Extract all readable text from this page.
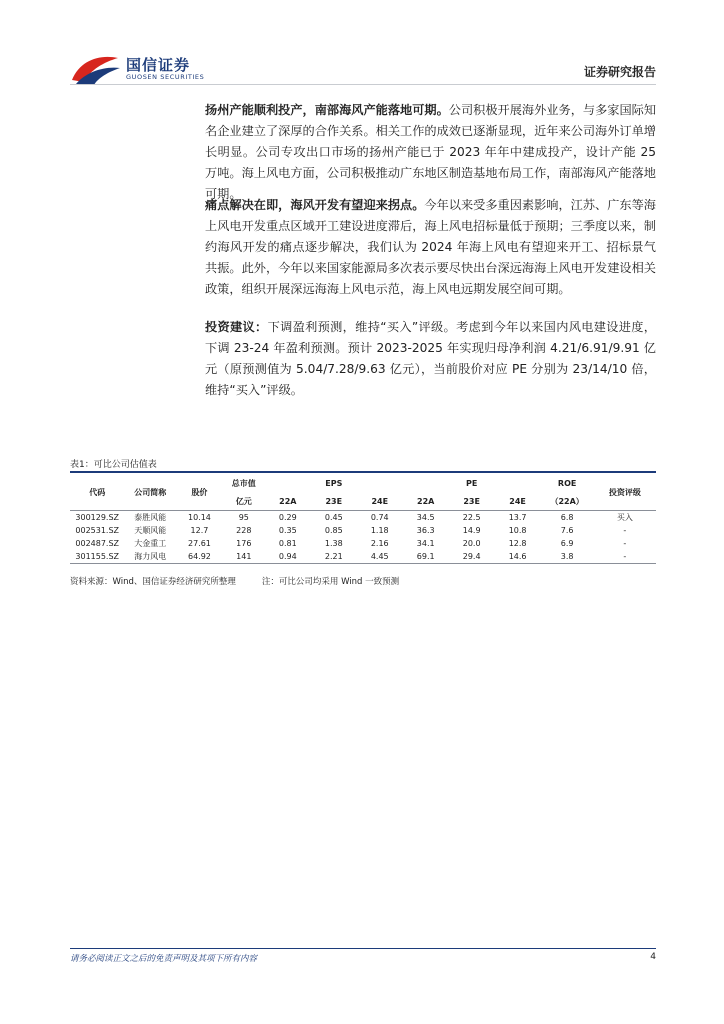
国信证券
GUOSEN SECURITIES	证券研究报告
扬州产能顺利投产，南部海风产能落地可期。公司积极开展海外业务，与多家国际知名企业建立了深厚的合作关系。相关工作的成效已逐渐显现，近年来公司海外订单增长明显。公司专攻出口市场的扬州产能已于 2023 年年中建成投产，设计产能 25 万吨。海上风电方面，公司积极推动广东地区制造基地布局工作，南部海风产能落地可期。
痛点解决在即，海风开发有望迎来拐点。今年以来受多重因素影响，江苏、广东等海上风电开发重点区域开工建设进度滞后，海上风电招标量低于预期；三季度以来，制约海风开发的痛点逐步解决，我们认为 2024 年海上风电有望迎来开工、招标景气共振。此外，今年以来国家能源局多次表示要尽快出台深远海海上风电开发建设相关政策，组织开展深远海海上风电示范，海上风电远期发展空间可期。
投资建议：下调盈利预测，维持“买入”评级。考虑到今年以来国内风电建设进度，下调 23-24 年盈利预测。预计 2023-2025 年实现归母净利润 4.21/6.91/9.91 亿元（原预测值为 5.04/7.28/9.63 亿元），当前股价对应 PE 分别为 23/14/10 倍，维持“买入”评级。
表1：可比公司估值表
代码	公司简称	股价	总市值	EPS			PE			ROE	投资评级
			亿元	22A	23E	24E	22A	23E	24E	（22A）	
300129.SZ	泰胜风能	10.14	95	0.29	0.45	0.74	34.5	22.5	13.7	6.8	买入
002531.SZ	天顺风能	12.7	228	0.35	0.85	1.18	36.3	14.9	10.8	7.6	-
002487.SZ	大金重工	27.61	176	0.81	1.38	2.16	34.1	20.0	12.8	6.9	-
301155.SZ	海力风电	64.92	141	0.94	2.21	4.45	69.1	29.4	14.6	3.8	-
资料来源：Wind、国信证券经济研究所整理	注：可比公司均采用 Wind 一致预测
请务必阅读正文之后的免责声明及其项下所有内容	4
